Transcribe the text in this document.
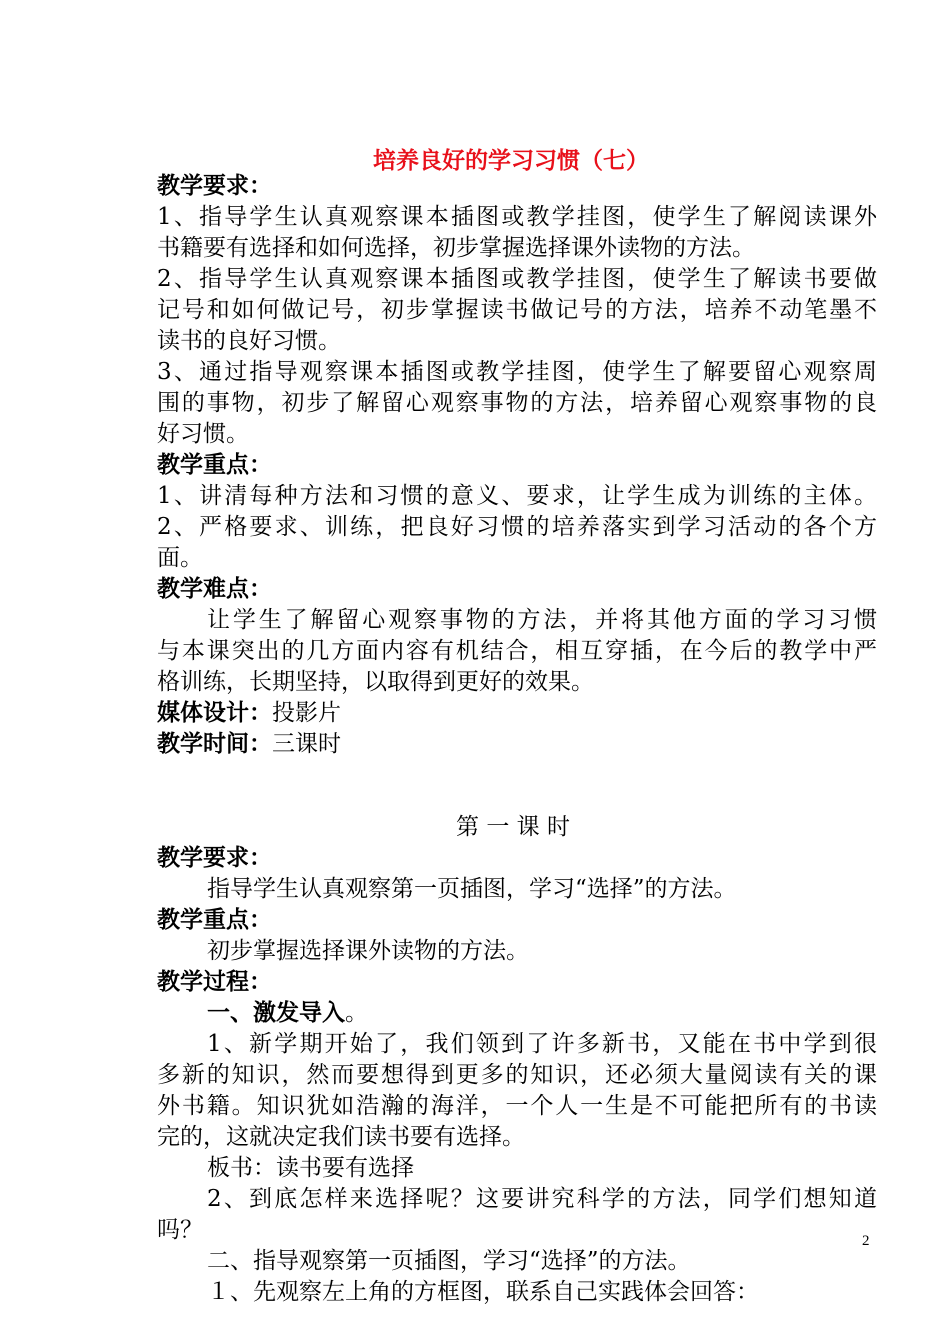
培养良好的学习习惯（七）
教学要求：
1、指导学生认真观察课本插图或教学挂图，使学生了解阅读课外
书籍要有选择和如何选择，初步掌握选择课外读物的方法。
2、指导学生认真观察课本插图或教学挂图，使学生了解读书要做
记号和如何做记号，初步掌握读书做记号的方法，培养不动笔墨不
读书的良好习惯。
3、通过指导观察课本插图或教学挂图，使学生了解要留心观察周
围的事物，初步了解留心观察事物的方法，培养留心观察事物的良
好习惯。
教学重点：
1、讲清每种方法和习惯的意义、要求，让学生成为训练的主体。
2、严格要求、训练，把良好习惯的培养落实到学习活动的各个方
面。
教学难点：
让学生了解留心观察事物的方法，并将其他方面的学习习惯
与本课突出的几方面内容有机结合，相互穿插，在今后的教学中严
格训练，长期坚持，以取得到更好的效果。
媒体设计：投影片
教学时间：三课时
第 一 课 时
教学要求：
指导学生认真观察第一页插图，学习“选择”的方法。
教学重点：
初步掌握选择课外读物的方法。
教学过程：
一、激发导入。
1、新学期开始了，我们领到了许多新书，又能在书中学到很
多新的知识，然而要想得到更多的知识，还必须大量阅读有关的课
外书籍。知识犹如浩瀚的海洋，一个人一生是不可能把所有的书读
完的，这就决定我们读书要有选择。
板书：读书要有选择
2、到底怎样来选择呢？这要讲究科学的方法，同学们想知道
吗？
二、指导观察第一页插图，学习“选择”的方法。
１、先观察左上角的方框图，联系自己实践体会回答：
2
